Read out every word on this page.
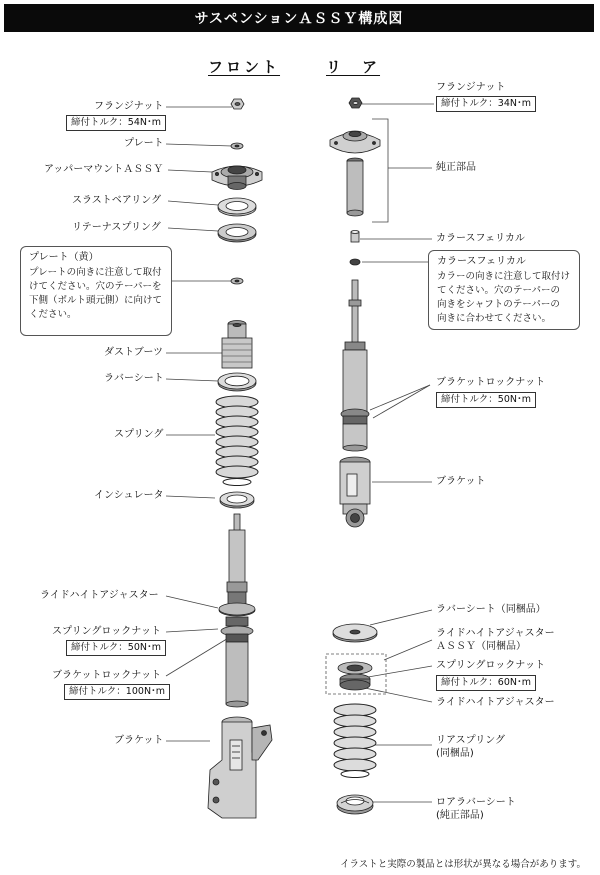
サスペンションＡＳＳＹ構成図
フロント	リ　ア
フランジナット
締付トルク：54N･m
プレート
アッパーマウントＡＳＳＹ
スラストベアリング
リテーナスプリング
プレート（黄）
プレートの向きに注意して取付
けてください。穴のテーパーを
下側（ボルト頭元側）に向けて
ください。
ダストブーツ
ラバーシート
スプリング
インシュレータ
ライドハイトアジャスター
スプリングロックナット
締付トルク：50N･m
ブラケットロックナット
締付トルク：100N･m
ブラケット
フランジナット
締付トルク：34N･m
純正部品
カラースフェリカル
カラースフェリカル
カラーの向きに注意して取付け
てください。穴のテーパーの
向きをシャフトのテーパーの
向きに合わせてください。
ブラケットロックナット
締付トルク：50N･m
ブラケット
ラバーシート（同梱品）
ライドハイトアジャスター
ＡＳＳＹ（同梱品）
スプリングロックナット
締付トルク：60N･m
ライドハイトアジャスター
リアスプリング
(同梱品)
ロアラバーシート
(純正部品)
イラストと実際の製品とは形状が異なる場合があります。
